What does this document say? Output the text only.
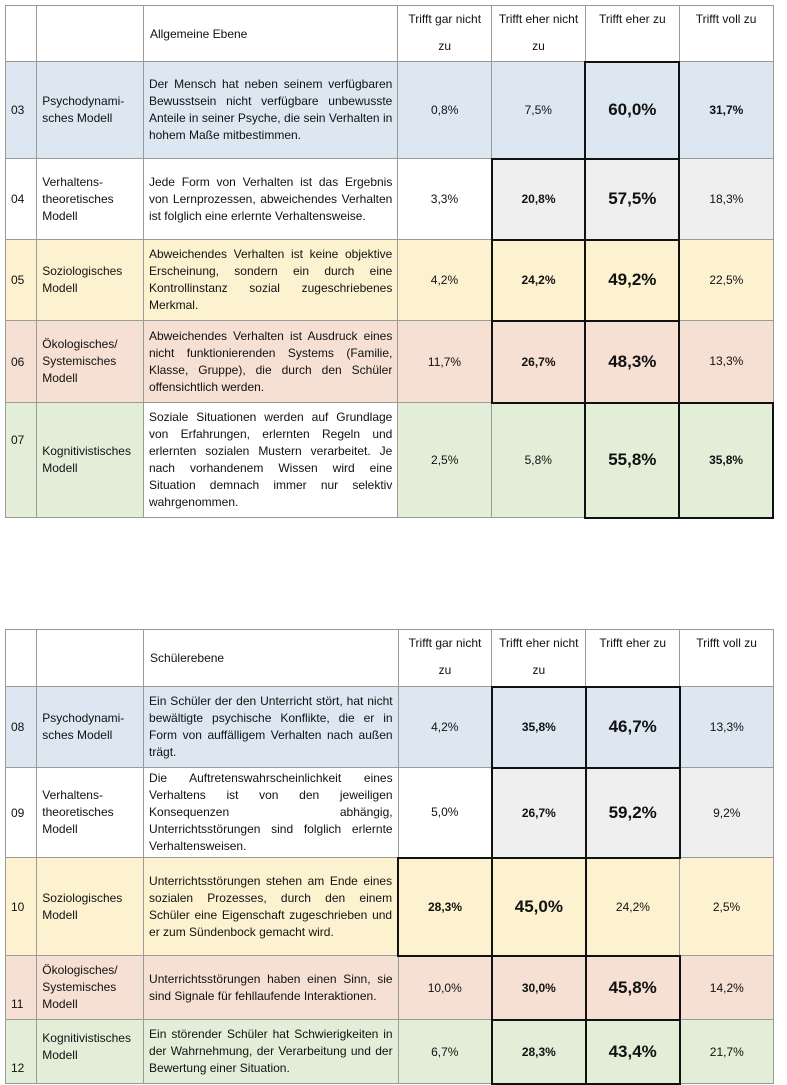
		Allgemeine Ebene	Trifft gar nicht zu	Trifft eher nicht zu	Trifft eher zu	Trifft voll zu
03	Psychodynami-sches Modell	Der Mensch hat neben seinem verfügbaren Bewusstsein nicht verfügbare unbewusste Anteile in seiner Psyche, die sein Verhalten in hohem Maße mitbestimmen.	0,8%	7,5%	60,0%	31,7%
04	Verhaltens-theoretisches Modell	Jede Form von Verhalten ist das Ergebnis von Lernprozessen, abweichendes Verhalten ist folglich eine erlernte Verhaltensweise.	3,3%	20,8%	57,5%	18,3%
05	Soziologisches Modell	Abweichendes Verhalten ist keine objektive Erscheinung, sondern ein durch eine Kontrollinstanz sozial zugeschriebenes Merkmal.	4,2%	24,2%	49,2%	22,5%
06	Ökologisches/ Systemisches Modell	Abweichendes Verhalten ist Ausdruck eines nicht funktionierenden Systems (Familie, Klasse, Gruppe), die durch den Schüler offensichtlich werden.	11,7%	26,7%	48,3%	13,3%
07	Kognitivistisches Modell	Soziale Situationen werden auf Grundlage von Erfahrungen, erlernten Regeln und erlernten sozialen Mustern verarbeitet. Je nach vorhandenem Wissen wird eine Situation demnach immer nur selektiv wahrgenommen.	2,5%	5,8%	55,8%	35,8%
		Schülerebene	Trifft gar nicht zu	Trifft eher nicht zu	Trifft eher zu	Trifft voll zu
08	Psychodynami-sches Modell	Ein Schüler der den Unterricht stört, hat nicht bewältigte psychische Konflikte, die er in Form von auffälligem Verhalten nach außen trägt.	4,2%	35,8%	46,7%	13,3%
09	Verhaltens-theoretisches Modell	Die Auftretenswahrscheinlichkeit eines Verhaltens ist von den jeweiligen Konsequenzen abhängig, Unterrichtsstörungen sind folglich erlernte Verhaltensweisen.	5,0%	26,7%	59,2%	9,2%
10	Soziologisches Modell	Unterrichtsstörungen stehen am Ende eines sozialen Prozesses, durch den einem Schüler eine Eigenschaft zugeschrieben und er zum Sündenbock gemacht wird.	28,3%	45,0%	24,2%	2,5%
11	Ökologisches/ Systemisches Modell	Unterrichtsstörungen haben einen Sinn, sie sind Signale für fehllaufende Interaktionen.	10,0%	30,0%	45,8%	14,2%
12	Kognitivistisches Modell	Ein störender Schüler hat Schwierigkeiten in der Wahrnehmung, der Verarbeitung und der Bewertung einer Situation.	6,7%	28,3%	43,4%	21,7%
